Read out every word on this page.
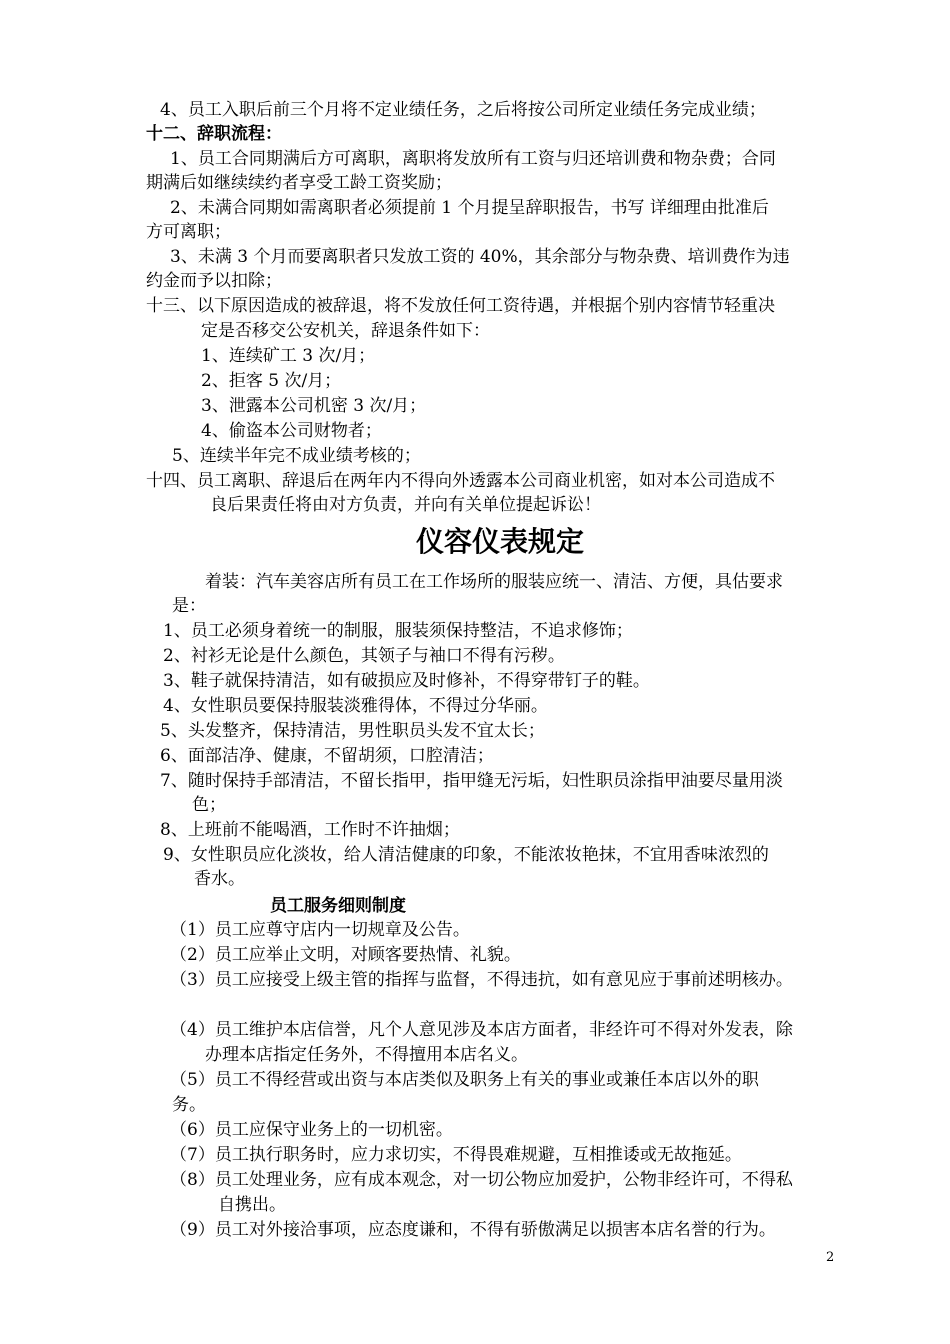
4、员工入职后前三个月将不定业绩任务，之后将按公司所定业绩任务完成业绩；
十二、辞职流程：
1、员工合同期满后方可离职，离职将发放所有工资与归还培训费和物杂费；合同
期满后如继续续约者享受工龄工资奖励；
2、未满合同期如需离职者必须提前 1 个月提呈辞职报告，书写 详细理由批准后
方可离职；
3、未满 3 个月而要离职者只发放工资的 40%，其余部分与物杂费、培训费作为违
约金而予以扣除；
十三、以下原因造成的被辞退，将不发放任何工资待遇，并根据个别内容情节轻重决
定是否移交公安机关，辞退条件如下：
1、连续矿工 3 次/月；
2、拒客 5 次/月；
3、泄露本公司机密 3 次/月；
4、偷盗本公司财物者；
5、连续半年完不成业绩考核的；
十四、员工离职、辞退后在两年内不得向外透露本公司商业机密，如对本公司造成不
良后果责任将由对方负责，并向有关单位提起诉讼！
仪容仪表规定
着装：汽车美容店所有员工在工作场所的服装应统一、清洁、方便，具估要求
是：
1、员工必须身着统一的制服，服装须保持整洁，不追求修饰；
2、衬衫无论是什么颜色，其领子与袖口不得有污秽。
3、鞋子就保持清洁，如有破损应及时修补，不得穿带钉子的鞋。
4、女性职员要保持服装淡雅得体，不得过分华丽。
5、头发整齐，保持清洁，男性职员头发不宜太长；
6、面部洁净、健康，不留胡须，口腔清洁；
7、随时保持手部清洁，不留长指甲，指甲缝无污垢，妇性职员涂指甲油要尽量用淡
色；
8、上班前不能喝酒，工作时不许抽烟；
9、女性职员应化淡妆，给人清洁健康的印象，不能浓妆艳抹，不宜用香味浓烈的
香水。
员工服务细则制度
（1）员工应尊守店内一切规章及公告。
（2）员工应举止文明，对顾客要热情、礼貌。
（3）员工应接受上级主管的指挥与监督，不得违抗，如有意见应于事前述明核办。
（4）员工维护本店信誉，凡个人意见涉及本店方面者，非经许可不得对外发表，除
办理本店指定任务外，不得擅用本店名义。
（5）员工不得经营或出资与本店类似及职务上有关的事业或兼任本店以外的职
务。
（6）员工应保守业务上的一切机密。
（7）员工执行职务时，应力求切实，不得畏难规避，互相推诿或无故拖延。
（8）员工处理业务，应有成本观念，对一切公物应加爱护，公物非经许可，不得私
自携出。
（9）员工对外接洽事项，应态度谦和，不得有骄傲满足以损害本店名誉的行为。
2
